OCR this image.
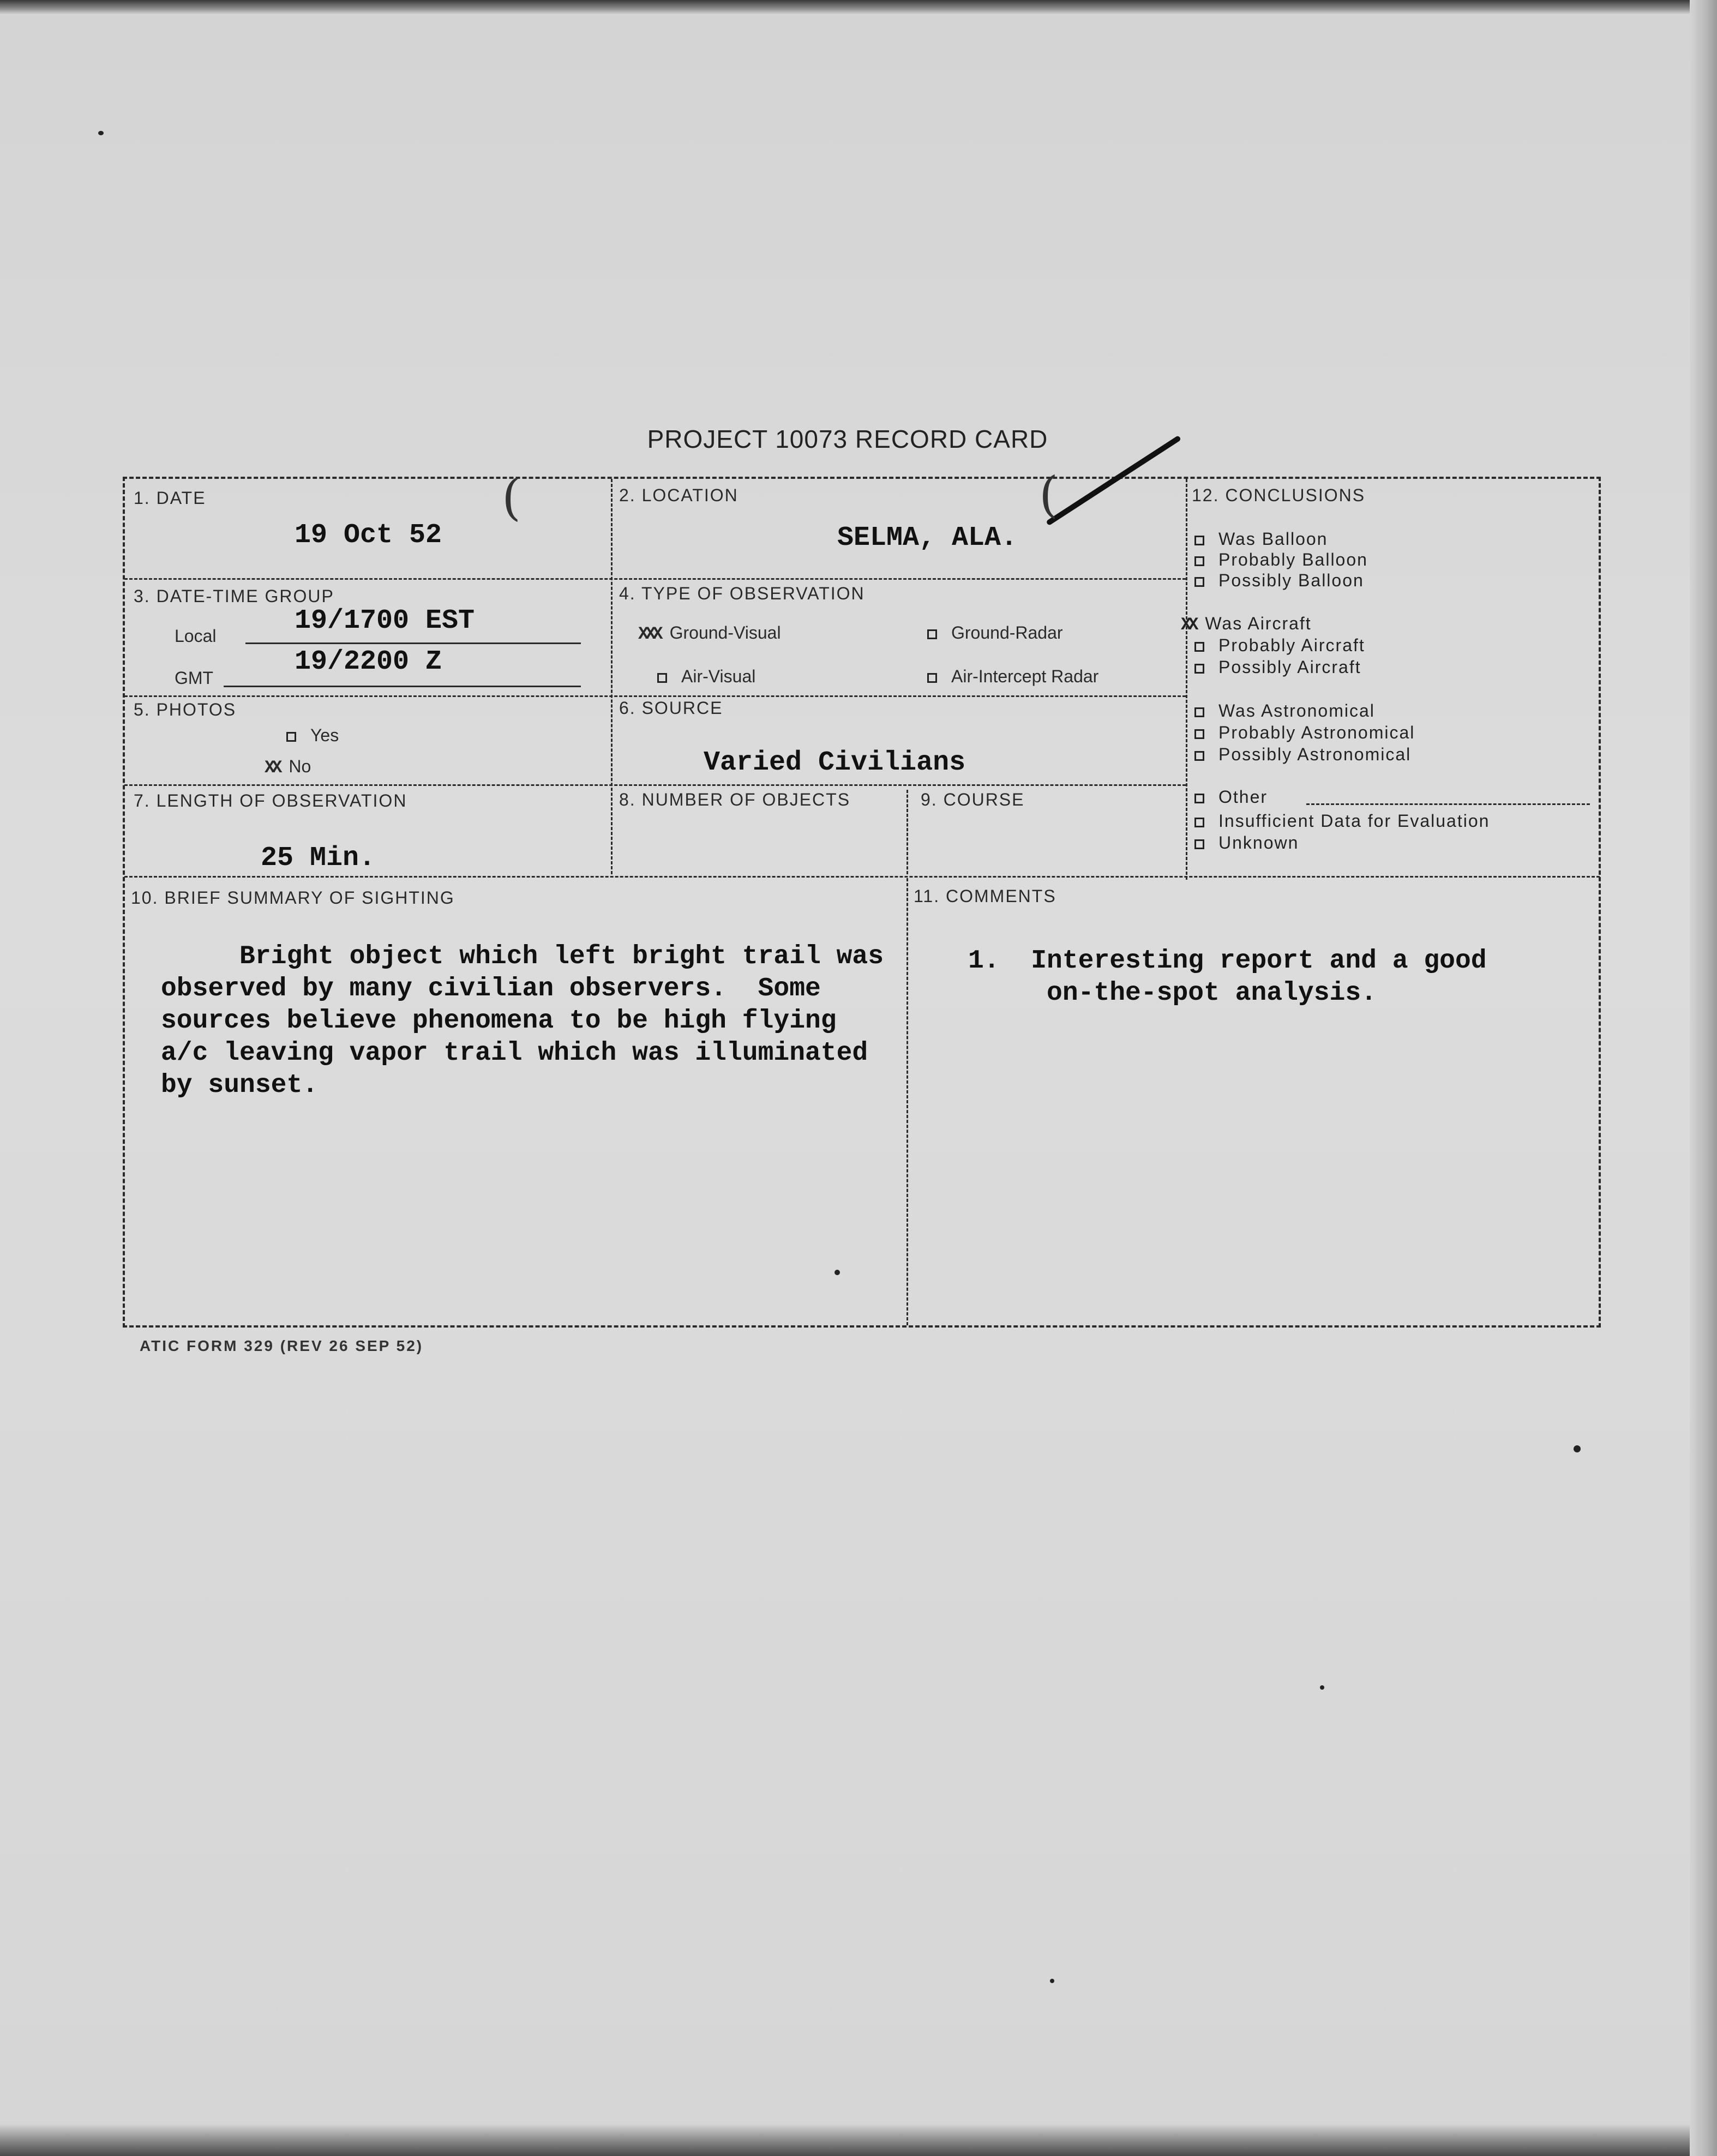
PROJECT 10073 RECORD CARD
(	(
1. DATE
19 Oct 52
2. LOCATION
SELMA, ALA.
3. DATE-TIME GROUP
Local	19/1700 EST
GMT
19/2200 Z
4. TYPE OF OBSERVATION
XXX Ground-Visual	Ground-Radar
Air-Visual	Air-Intercept Radar
5. PHOTOS
Yes
XX No
6. SOURCE
Varied Civilians
7. LENGTH OF OBSERVATION
25 Min.
8. NUMBER OF OBJECTS	9. COURSE
10. BRIEF SUMMARY OF SIGHTING
Bright object which left bright trail was
observed by many civilian observers.  Some
sources believe phenomena to be high flying
a/c leaving vapor trail which was illuminated
by sunset.
11. COMMENTS
1.  Interesting report and a good
on-the-spot analysis.
12. CONCLUSIONS
Was Balloon
Probably Balloon
Possibly Balloon
XX Was Aircraft
Probably Aircraft
Possibly Aircraft
Was Astronomical
Probably Astronomical
Possibly Astronomical
Other
Insufficient Data for Evaluation
Unknown
ATIC FORM 329 (REV 26 SEP 52)
